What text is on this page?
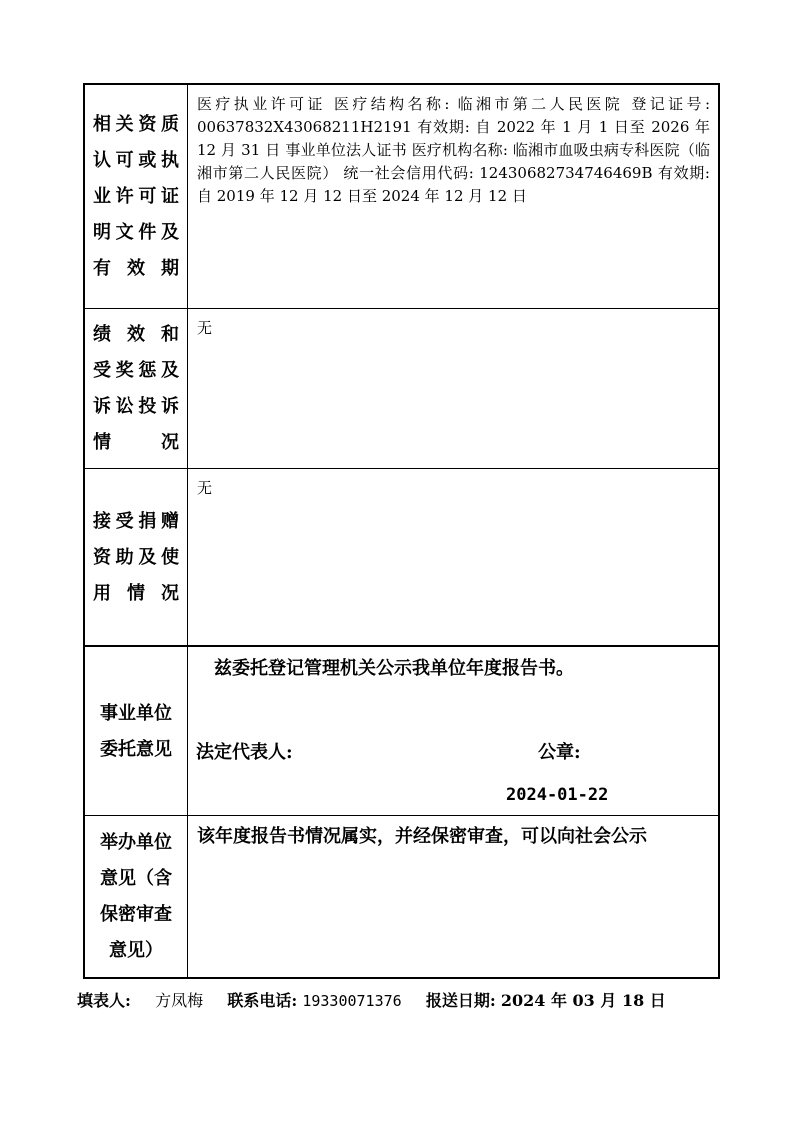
相关资质
认可或执
业许可证
明文件及
有效期
医疗执业许可证 医疗结构名称: 临湘市第二人民医院 登记证号: 00637832X43068211H2191 有效期: 自 2022 年 1 月 1 日至 2026 年 12 月 31 日 事业单位法人证书 医疗机构名称: 临湘市血吸虫病专科医院（临湘市第二人民医院） 统一社会信用代码: 12430682734746469B 有效期: 自 2019 年 12 月 12 日至 2024 年 12 月 12 日
绩效和
受奖惩及
诉讼投诉
情况
无
接受捐赠
资助及使
用情况
无
事业单位
委托意见
兹委托登记管理机关公示我单位年度报告书。
法定代表人:	公章:
2024-01-22
举办单位
意见（含
保密审查
意见）
该年度报告书情况属实，并经保密审查，可以向社会公示
填表人: 方凤梅 联系电话: 19330071376 报送日期: 2024 年 03 月 18 日
